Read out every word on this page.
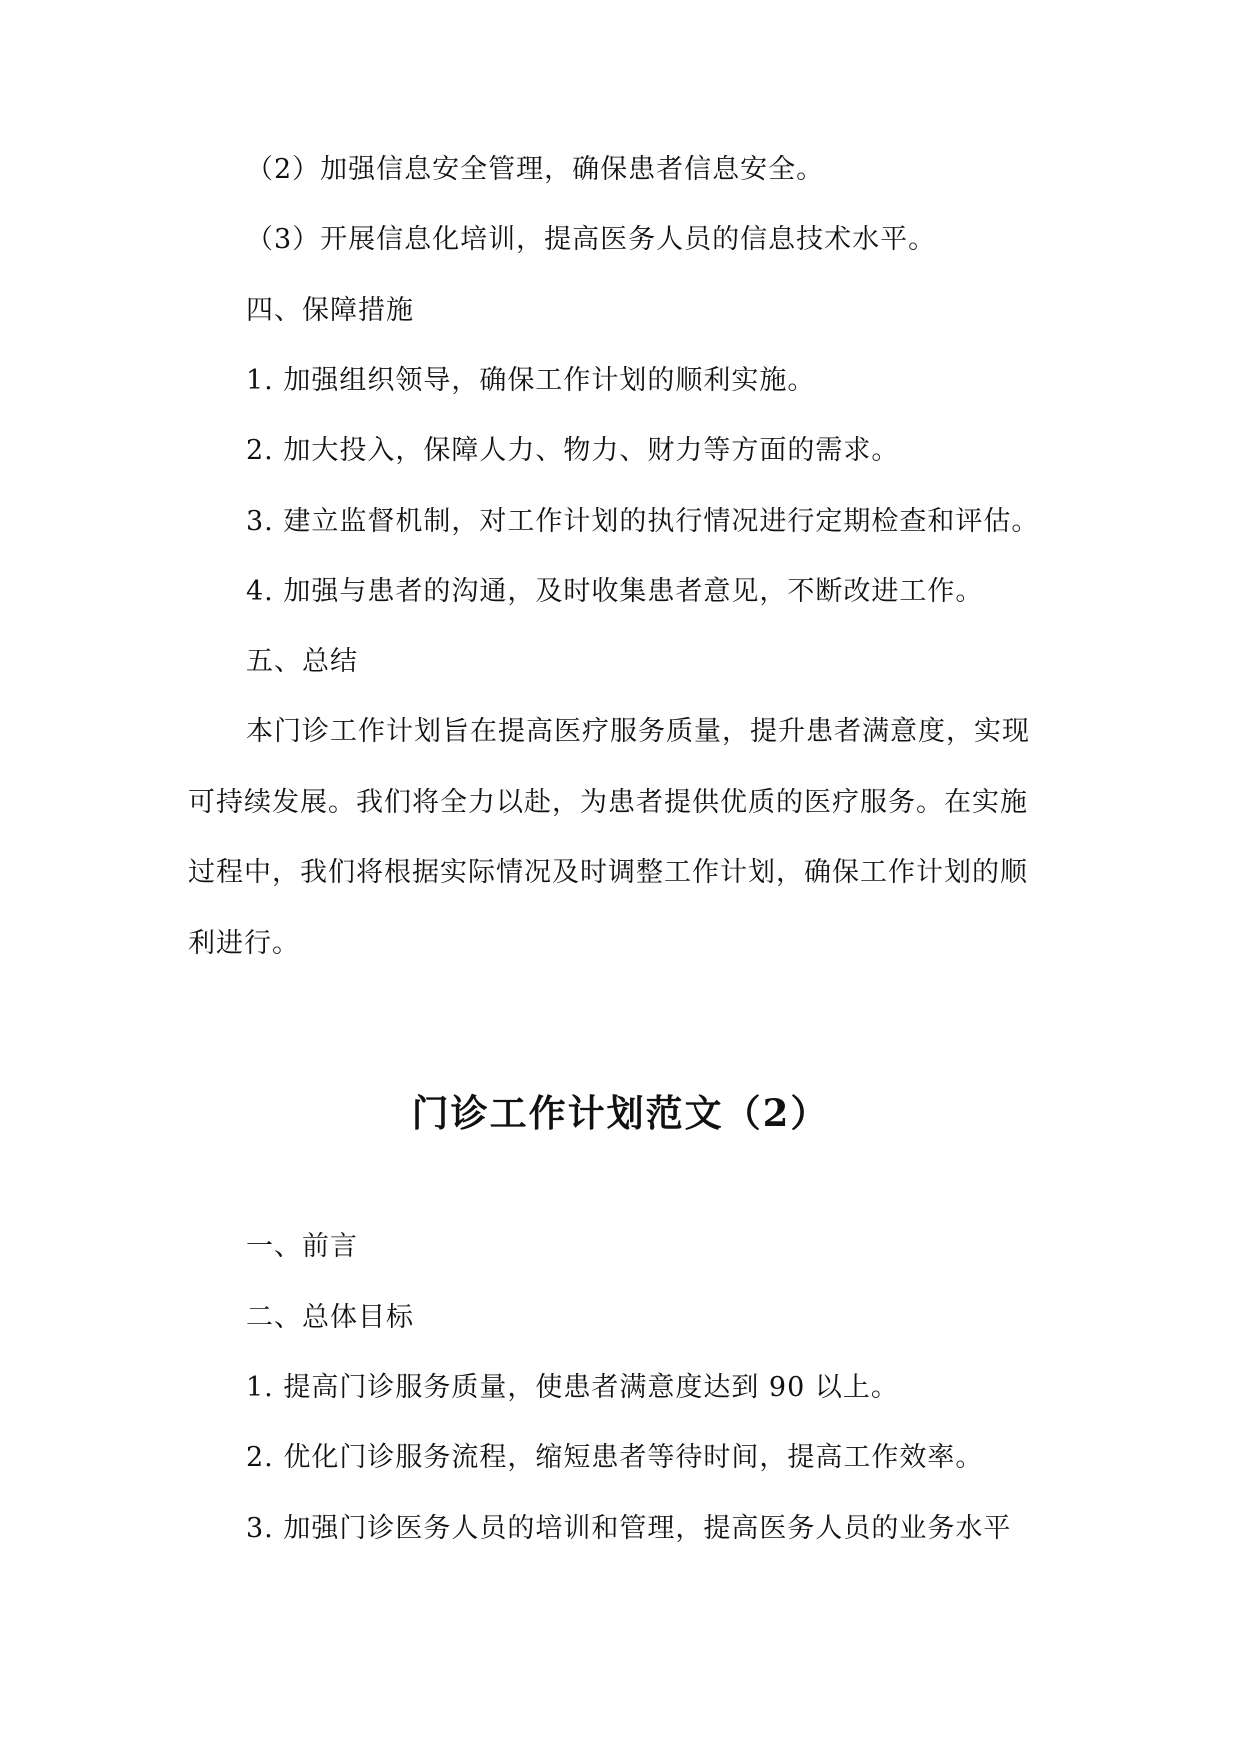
（2）加强信息安全管理，确保患者信息安全。
（3）开展信息化培训，提高医务人员的信息技术水平。
四、保障措施
1. 加强组织领导，确保工作计划的顺利实施。
2. 加大投入，保障人力、物力、财力等方面的需求。
3. 建立监督机制，对工作计划的执行情况进行定期检查和评估。
4. 加强与患者的沟通，及时收集患者意见，不断改进工作。
五、总结
本门诊工作计划旨在提高医疗服务质量，提升患者满意度，实现
可持续发展。我们将全力以赴，为患者提供优质的医疗服务。在实施
过程中，我们将根据实际情况及时调整工作计划，确保工作计划的顺
利进行。
门诊工作计划范文（2）
一、前言
二、总体目标
1. 提高门诊服务质量，使患者满意度达到 90 以上。
2. 优化门诊服务流程，缩短患者等待时间，提高工作效率。
3. 加强门诊医务人员的培训和管理，提高医务人员的业务水平
